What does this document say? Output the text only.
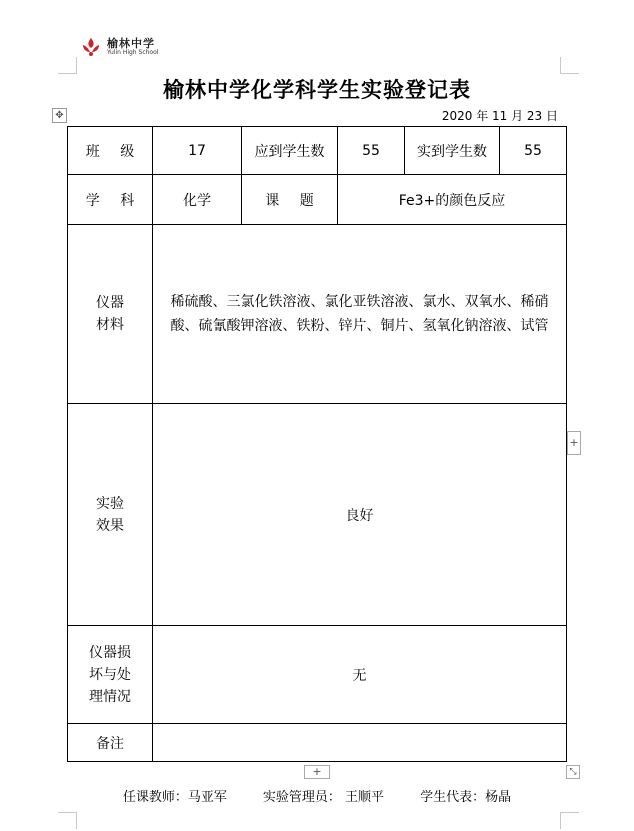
榆林中学
Yulin High School
榆林中学化学科学生实验登记表
2020 年 11 月 23 日
✥
班 级	17	应到学生数	55	实到学生数	55
学 科	化学	课 题	Fe3+的颜色反应		

仪器
材料	稀硫酸、三氯化铁溶液、氯化亚铁溶液、氯水、双氧水、稀硝酸、硫氰酸钾溶液、铁粉、锌片、铜片、氢氧化钠溶液、试管				

实验
效果	良好				

仪器损
坏与处
理情况	无				
备注					
+
+	⤡
任课教师：马亚军	实验管理员： 王顺平	学生代表：杨晶
